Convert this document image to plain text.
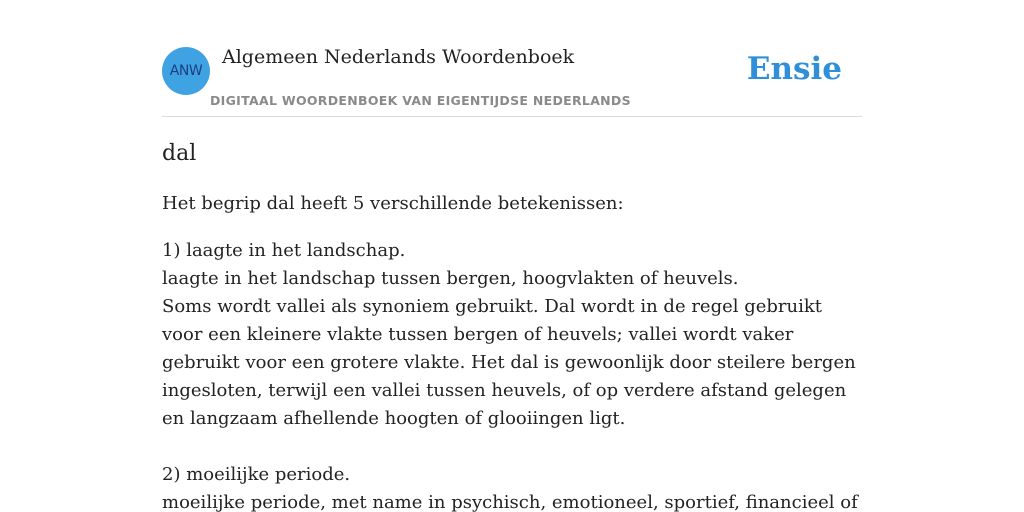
ANW
Algemeen Nederlands Woordenboek
DIGITAAL WOORDENBOEK VAN EIGENTIJDSE NEDERLANDS
Ensie
dal

Het begrip dal heeft 5 verschillende betekenissen:

1) laagte in het landschap.
laagte in het landschap tussen bergen, hoogvlakten of heuvels.
Soms wordt vallei als synoniem gebruikt. Dal wordt in de regel gebruikt voor een kleinere vlakte tussen bergen of heuvels; vallei wordt vaker gebruikt voor een grotere vlakte. Het dal is gewoonlijk door steilere bergen ingesloten, terwijl een vallei tussen heuvels, of op verdere afstand gelegen en langzaam afhellende hoogten of glooiingen ligt.
2) moeilijke periode.
moeilijke periode, met name in psychisch, emotioneel, sportief, financieel of
